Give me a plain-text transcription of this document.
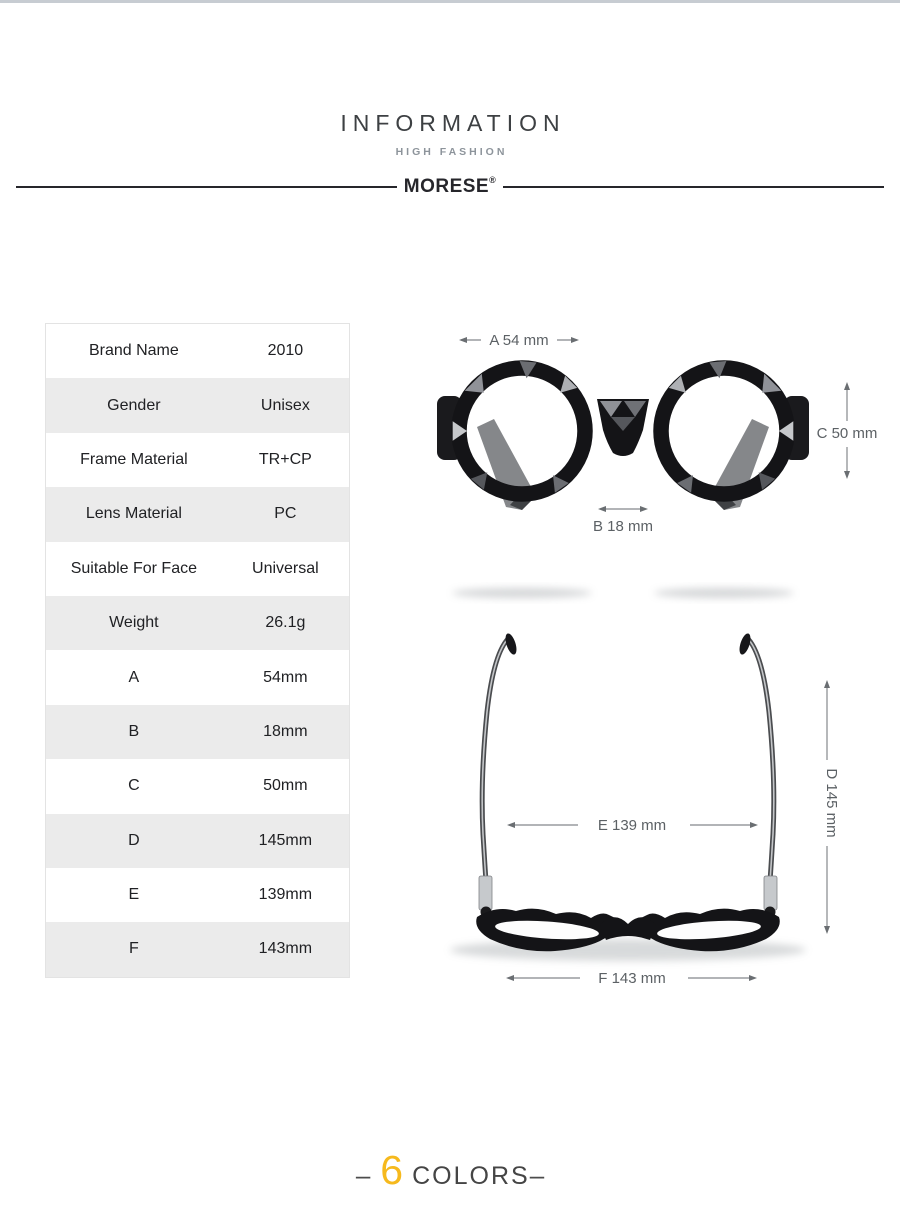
INFORMATION
HIGH FASHION
MORESE®
Brand Name	2010
Gender	Unisex
Frame Material	TR+CP
Lens Material	PC
Suitable For Face	Universal
Weight	26.1g
A	54mm
B	18mm
C	50mm
D	145mm
E	139mm
F	143mm
A 54 mm
B 18 mm
C 50 mm
E 139 mm	D 145 mm
F 143 mm
– 6 COLORS –
